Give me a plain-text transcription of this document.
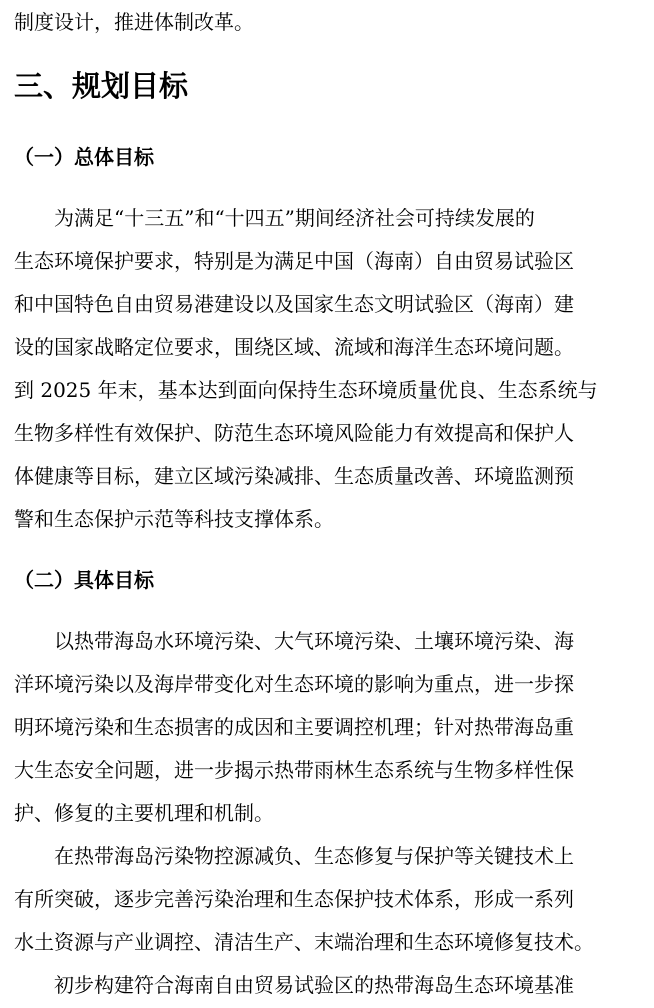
制度设计，推进体制改革。
三、规划目标
（一）总体目标
　　为满足“十三五”和“十四五”期间经济社会可持续发展的
生态环境保护要求，特别是为满足中国（海南）自由贸易试验区
和中国特色自由贸易港建设以及国家生态文明试验区（海南）建
设的国家战略定位要求，围绕区域、流域和海洋生态环境问题。
到 2025 年末，基本达到面向保持生态环境质量优良、生态系统与
生物多样性有效保护、防范生态环境风险能力有效提高和保护人
体健康等目标，建立区域污染减排、生态质量改善、环境监测预
警和生态保护示范等科技支撑体系。
（二）具体目标
　　以热带海岛水环境污染、大气环境污染、土壤环境污染、海
洋环境污染以及海岸带变化对生态环境的影响为重点，进一步探
明环境污染和生态损害的成因和主要调控机理；针对热带海岛重
大生态安全问题，进一步揭示热带雨林生态系统与生物多样性保
护、修复的主要机理和机制。
　　在热带海岛污染物控源减负、生态修复与保护等关键技术上
有所突破，逐步完善污染治理和生态保护技术体系，形成一系列
水土资源与产业调控、清洁生产、末端治理和生态环境修复技术。
　　初步构建符合海南自由贸易试验区的热带海岛生态环境基准
